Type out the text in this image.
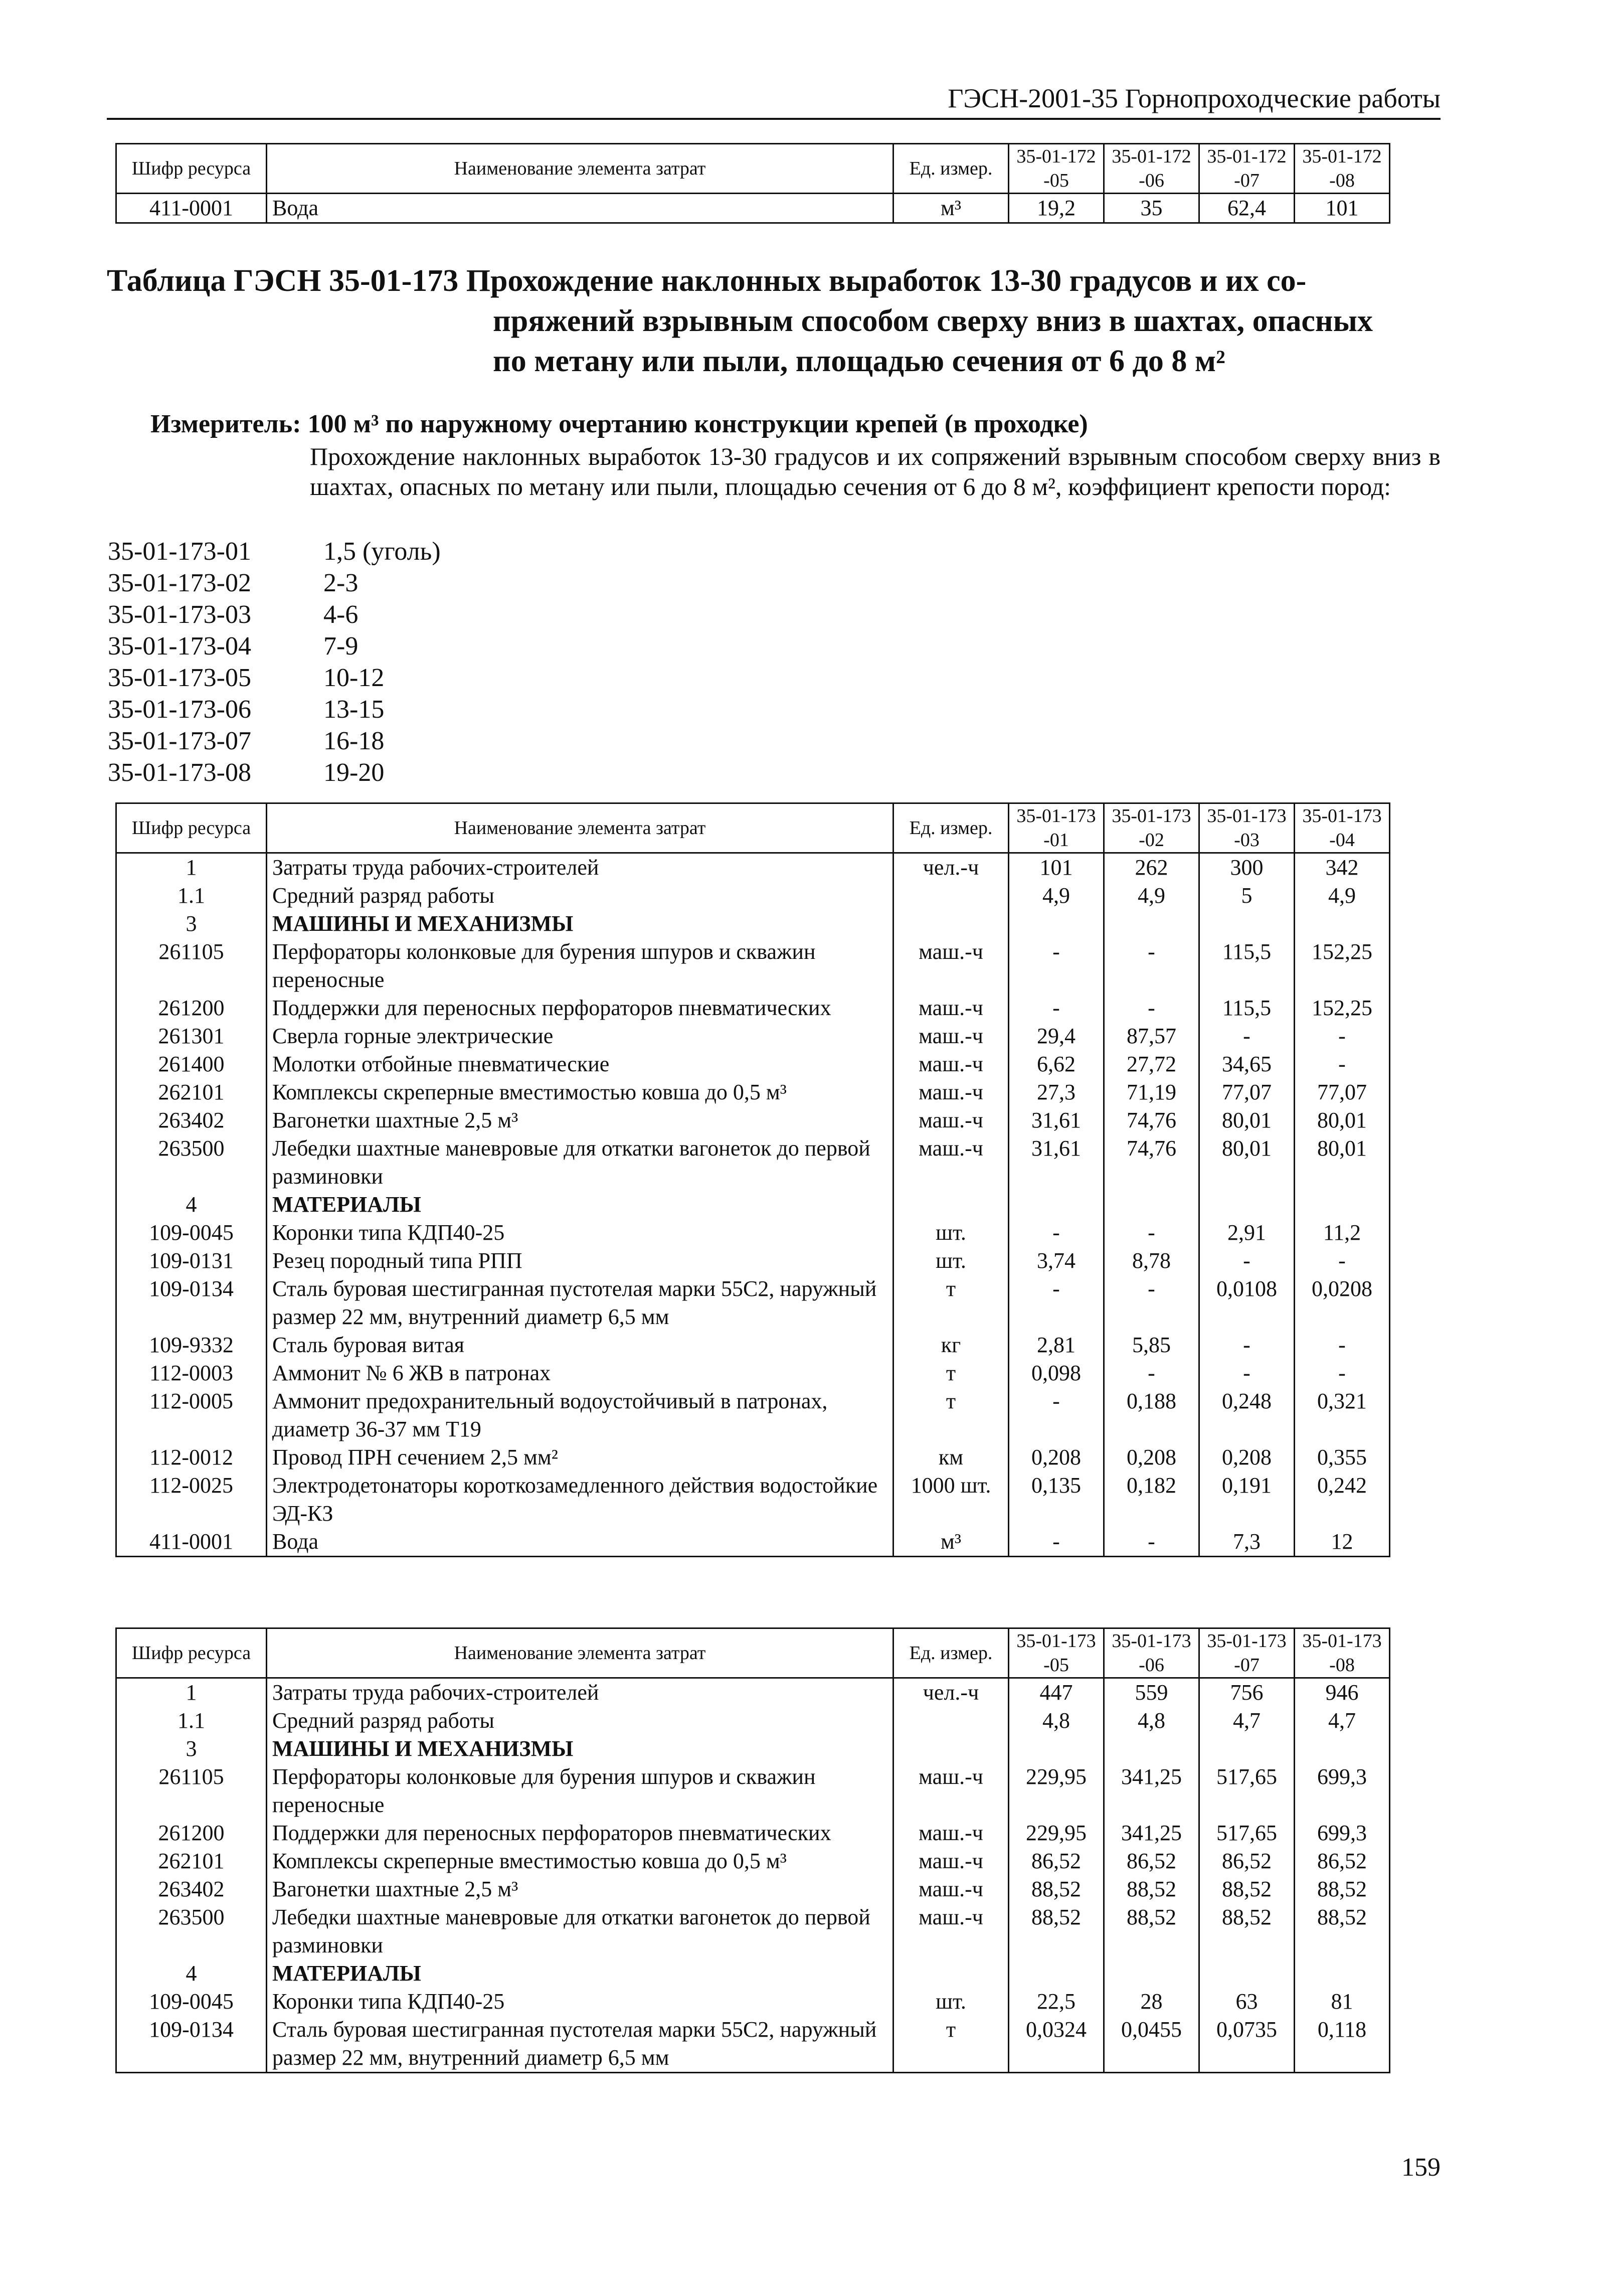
ГЭСН-2001-35 Горнопроходческие работы
Шифр ресурса	Наименование элемента затрат	Ед. измер.	35-01-172-05	35-01-172-06	35-01-172-07	35-01-172-08
411-0001	Вода	м³	19,2	35	62,4	101
Таблица ГЭСН 35-01-173 Прохождение наклонных выработок 13-30 градусов и их со-
пряжений взрывным способом сверху вниз в шахтах, опасных
по метану или пыли, площадью сечения от 6 до 8 м²
Измеритель: 100 м³ по наружному очертанию конструкции крепей (в проходке)
Прохождение наклонных выработок 13-30 градусов и их сопряжений взрывным способом сверху вниз в шахтах, опасных по метану или пыли, площадью сечения от 6 до 8 м², коэффициент крепости пород:
35-01-173-01	1,5 (уголь)
35-01-173-02	2-3
35-01-173-03	4-6
35-01-173-04	7-9
35-01-173-05	10-12
35-01-173-06	13-15
35-01-173-07	16-18
35-01-173-08	19-20
Шифр ресурса	Наименование элемента затрат	Ед. измер.	35-01-173-01	35-01-173-02	35-01-173-03	35-01-173-04
1	Затраты труда рабочих-строителей	чел.-ч	101	262	300	342
1.1	Средний разряд работы		4,9	4,9	5	4,9
3	МАШИНЫ И МЕХАНИЗМЫ					
261105	Перфораторы колонковые для бурения шпуров и скважин переносные	маш.-ч	-	-	115,5	152,25
261200	Поддержки для переносных перфораторов пневматических	маш.-ч	-	-	115,5	152,25
261301	Сверла горные электрические	маш.-ч	29,4	87,57	-	-
261400	Молотки отбойные пневматические	маш.-ч	6,62	27,72	34,65	-
262101	Комплексы скреперные вместимостью ковша до 0,5 м³	маш.-ч	27,3	71,19	77,07	77,07
263402	Вагонетки шахтные 2,5 м³	маш.-ч	31,61	74,76	80,01	80,01
263500	Лебедки шахтные маневровые для откатки вагонеток до первой разминовки	маш.-ч	31,61	74,76	80,01	80,01
4	МАТЕРИАЛЫ					
109-0045	Коронки типа КДП40-25	шт.	-	-	2,91	11,2
109-0131	Резец породный типа РПП	шт.	3,74	8,78	-	-
109-0134	Сталь буровая шестигранная пустотелая марки 55С2, наружный размер 22 мм, внутренний диаметр 6,5 мм	т	-	-	0,0108	0,0208
109-9332	Сталь буровая витая	кг	2,81	5,85	-	-
112-0003	Аммонит № 6 ЖВ в патронах	т	0,098	-	-	-
112-0005	Аммонит предохранительный водоустойчивый в патронах, диаметр 36-37 мм Т19	т	-	0,188	0,248	0,321
112-0012	Провод ПРН сечением 2,5 мм²	км	0,208	0,208	0,208	0,355
112-0025	Электродетонаторы короткозамедленного действия водостойкие ЭД-КЗ	1000 шт.	0,135	0,182	0,191	0,242
411-0001	Вода	м³	-	-	7,3	12
Шифр ресурса	Наименование элемента затрат	Ед. измер.	35-01-173-05	35-01-173-06	35-01-173-07	35-01-173-08
1	Затраты труда рабочих-строителей	чел.-ч	447	559	756	946
1.1	Средний разряд работы		4,8	4,8	4,7	4,7
3	МАШИНЫ И МЕХАНИЗМЫ					
261105	Перфораторы колонковые для бурения шпуров и скважин переносные	маш.-ч	229,95	341,25	517,65	699,3
261200	Поддержки для переносных перфораторов пневматических	маш.-ч	229,95	341,25	517,65	699,3
262101	Комплексы скреперные вместимостью ковша до 0,5 м³	маш.-ч	86,52	86,52	86,52	86,52
263402	Вагонетки шахтные 2,5 м³	маш.-ч	88,52	88,52	88,52	88,52
263500	Лебедки шахтные маневровые для откатки вагонеток до первой разминовки	маш.-ч	88,52	88,52	88,52	88,52
4	МАТЕРИАЛЫ					
109-0045	Коронки типа КДП40-25	шт.	22,5	28	63	81
109-0134	Сталь буровая шестигранная пустотелая марки 55С2, наружный размер 22 мм, внутренний диаметр 6,5 мм	т	0,0324	0,0455	0,0735	0,118
159
